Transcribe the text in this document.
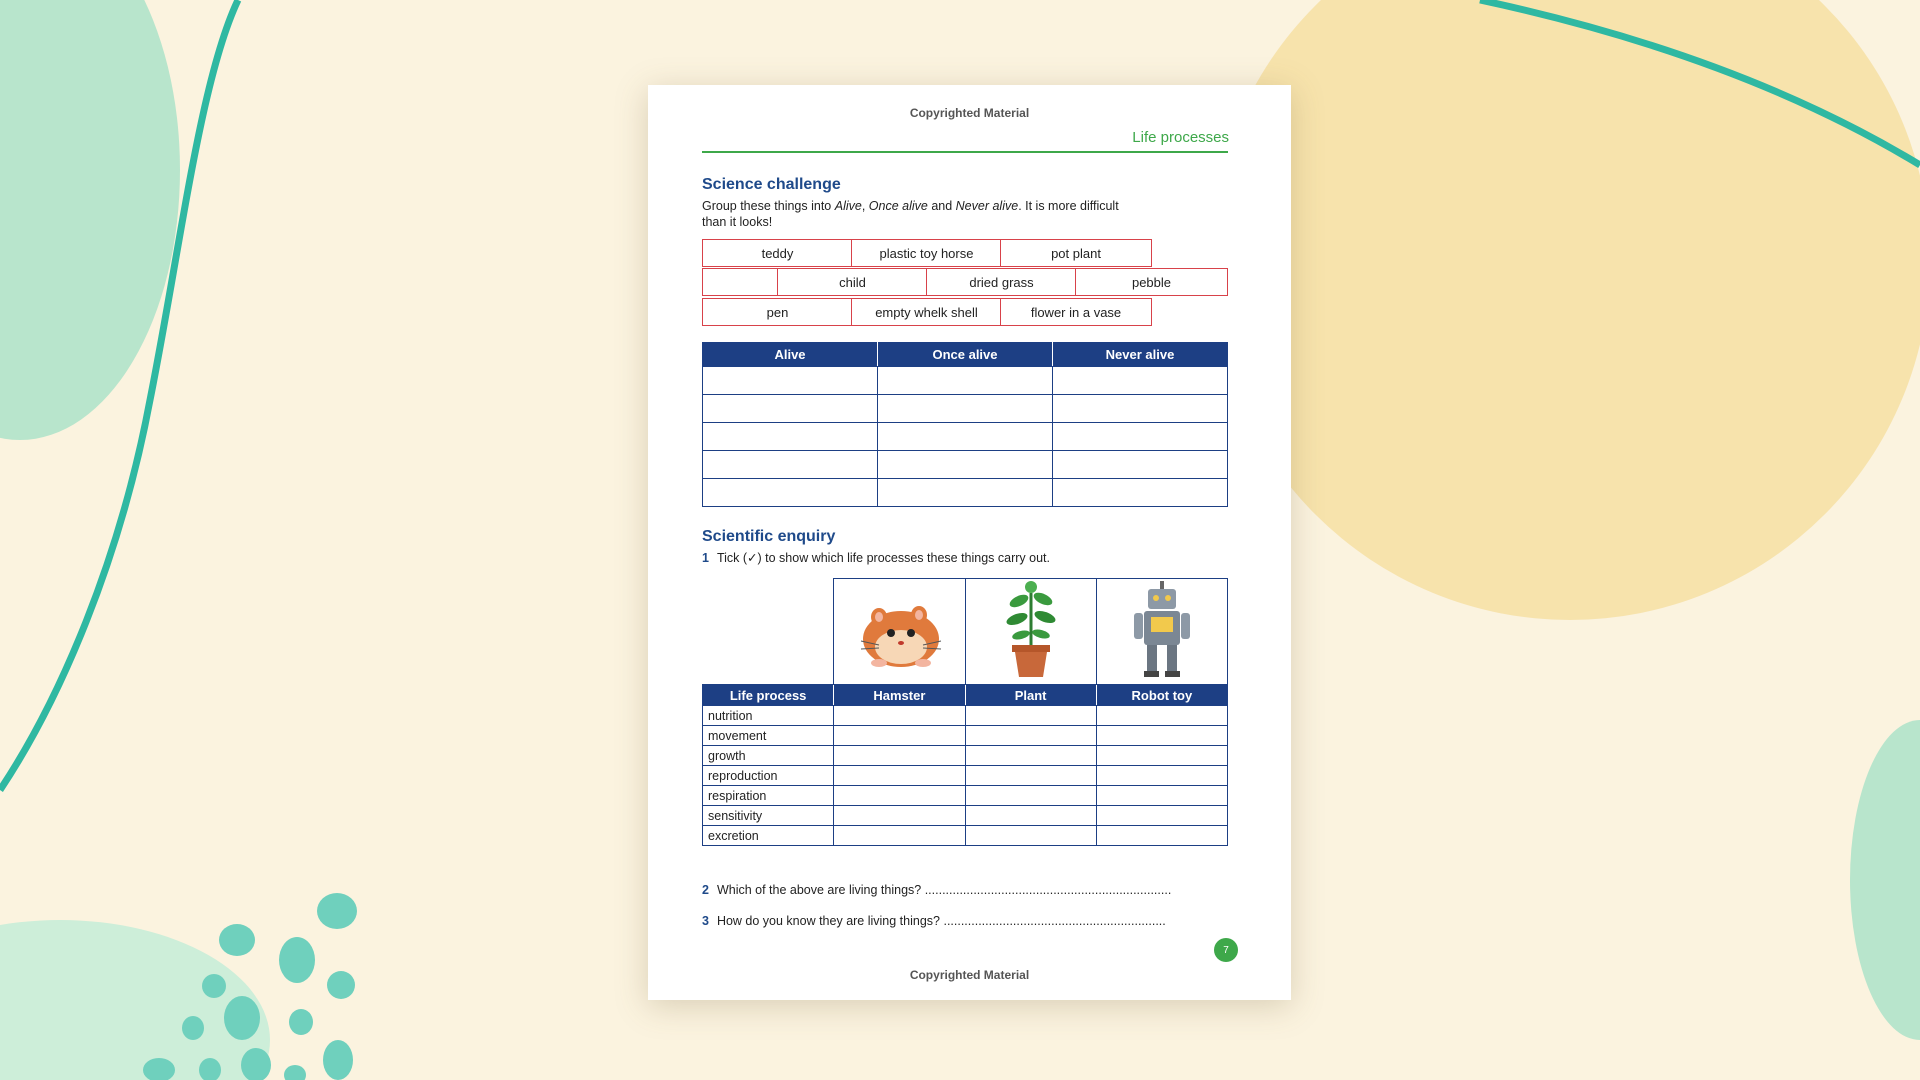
Copyrighted Material
Life processes
Science challenge
Group these things into Alive, Once alive and Never alive. It is more difficult
than it looks!
teddy	plastic toy horse	pot plant
child	dried grass	pebble
pen	empty whelk shell	flower in a vase
Alive	Once alive	Never alive

Scientific enquiry
1 Tick (✓) to show which life processes these things carry out.

Life process	Hamster	Plant	Robot toy
nutrition			
movement			
growth			
reproduction			
respiration			
sensitivity			
excretion			
2 Which of the above are living things? .......................................................................
3 How do you know they are living things? ................................................................
7
Copyrighted Material
